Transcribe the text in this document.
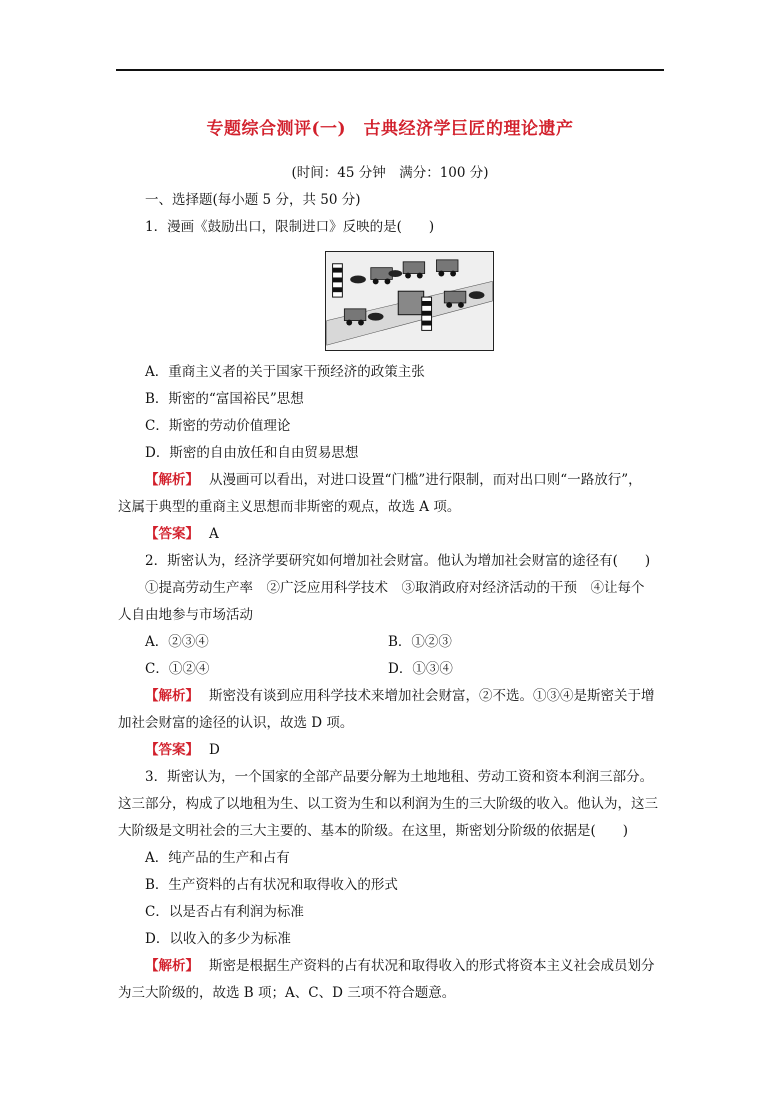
专题综合测评(一)　古典经济学巨匠的理论遗产
(时间：45 分钟　满分：100 分)
一、选择题(每小题 5 分，共 50 分)
1．漫画《鼓励出口，限制进口》反映的是(　　)
A．重商主义者的关于国家干预经济的政策主张
B．斯密的“富国裕民”思想
C．斯密的劳动价值理论
D．斯密的自由放任和自由贸易思想
【解析】 从漫画可以看出，对进口设置“门槛”进行限制，而对出口则“一路放行”，
这属于典型的重商主义思想而非斯密的观点，故选 A 项。
【答案】 A
2．斯密认为，经济学要研究如何增加社会财富。他认为增加社会财富的途径有(　　)
①提高劳动生产率　②广泛应用科学技术　③取消政府对经济活动的干预　④让每个
人自由地参与市场活动
A．②③④	B．①②③
C．①②④	D．①③④
【解析】 斯密没有谈到应用科学技术来增加社会财富，②不选。①③④是斯密关于增
加社会财富的途径的认识，故选 D 项。
【答案】 D
3．斯密认为，一个国家的全部产品要分解为土地地租、劳动工资和资本利润三部分。
这三部分，构成了以地租为生、以工资为生和以利润为生的三大阶级的收入。他认为，这三
大阶级是文明社会的三大主要的、基本的阶级。在这里，斯密划分阶级的依据是(　　)
A．纯产品的生产和占有
B．生产资料的占有状况和取得收入的形式
C．以是否占有利润为标准
D．以收入的多少为标准
【解析】 斯密是根据生产资料的占有状况和取得收入的形式将资本主义社会成员划分
为三大阶级的，故选 B 项；A、C、D 三项不符合题意。
